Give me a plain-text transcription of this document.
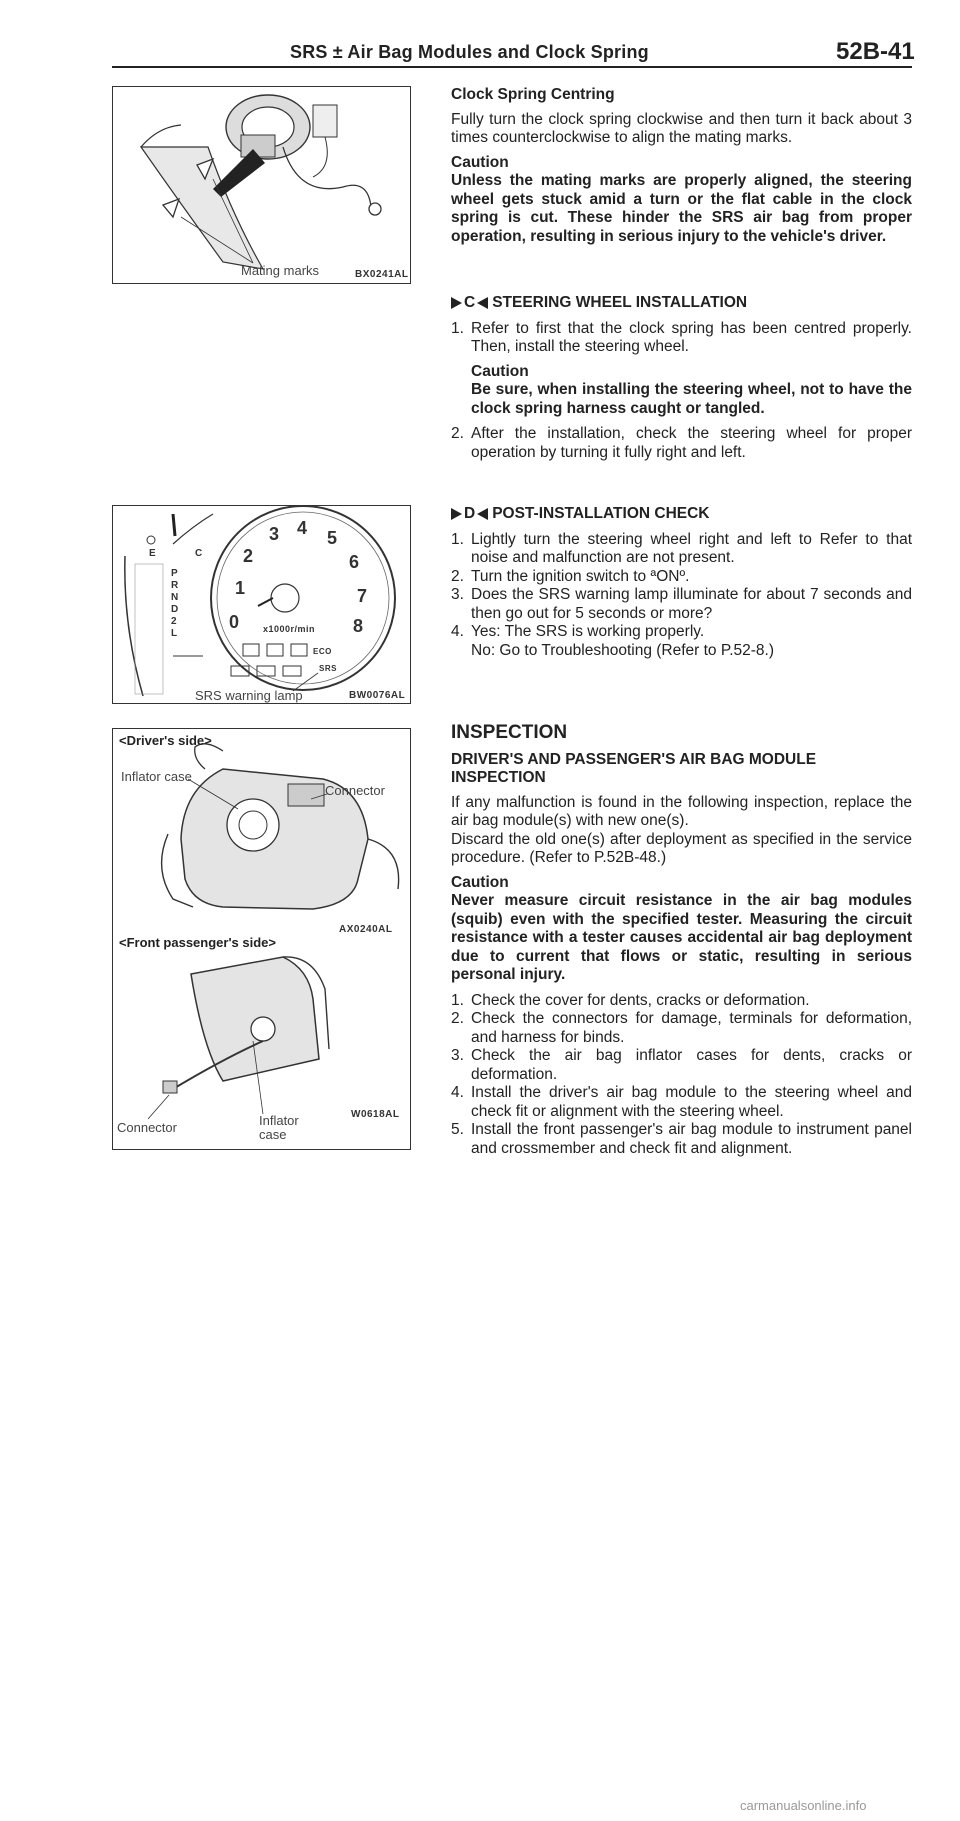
SRS ± Air Bag Modules and Clock Spring	52B-41
Mating marks	BX0241AL
0
1
2
3 4 5
6
7
8
x1000r/min
E	C
P
R
N
D
2
L
ECO
SRS
SRS warning lamp	BW0076AL
<Driver's side>
Inflator case
Connector
AX0240AL
<Front passenger's side>
Connector	Inflator
case
W0618AL

Clock Spring Centring

Fully turn the clock spring clockwise and then turn it back about 3 times counterclockwise to align the mating marks.

Caution

Unless the mating marks are properly aligned, the steering wheel gets stuck amid a turn or the flat cable in the clock spring is cut. These hinder the SRS air bag from proper operation, resulting in serious injury to the vehicle's driver.

C STEERING WHEEL INSTALLATION

1. Refer to first that the clock spring has been centred properly. Then, install the steering wheel.

Caution

Be sure, when installing the steering wheel, not to have the clock spring harness caught or tangled.

2. After the installation, check the steering wheel for proper operation by turning it fully right and left.

D POST-INSTALLATION CHECK

1. Lightly turn the steering wheel right and left to Refer to that noise and malfunction are not present.
2. Turn the ignition switch to ªONº.
3. Does the SRS warning lamp illuminate for about 7 seconds and then go out for 5 seconds or more?
4. Yes: The SRS is working properly.

No: Go to Troubleshooting (Refer to P.52-8.)

INSPECTION

DRIVER'S AND PASSENGER'S AIR BAG MODULE

INSPECTION

If any malfunction is found in the following inspection, replace the air bag module(s) with new one(s).

Discard the old one(s) after deployment as specified in the service procedure. (Refer to P.52B-48.)

Caution

Never measure circuit resistance in the air bag modules (squib) even with the specified tester. Measuring the circuit resistance with a tester causes accidental air bag deployment due to current that flows or static, resulting in serious personal injury.

1. Check the cover for dents, cracks or deformation.
2. Check the connectors for damage, terminals for deformation, and harness for binds.
3. Check the air bag inflator cases for dents, cracks or deformation.
4. Install the driver's air bag module to the steering wheel and check fit or alignment with the steering wheel.
5. Install the front passenger's air bag module to instrument panel and crossmember and check fit and alignment.
carmanualsonline.info
